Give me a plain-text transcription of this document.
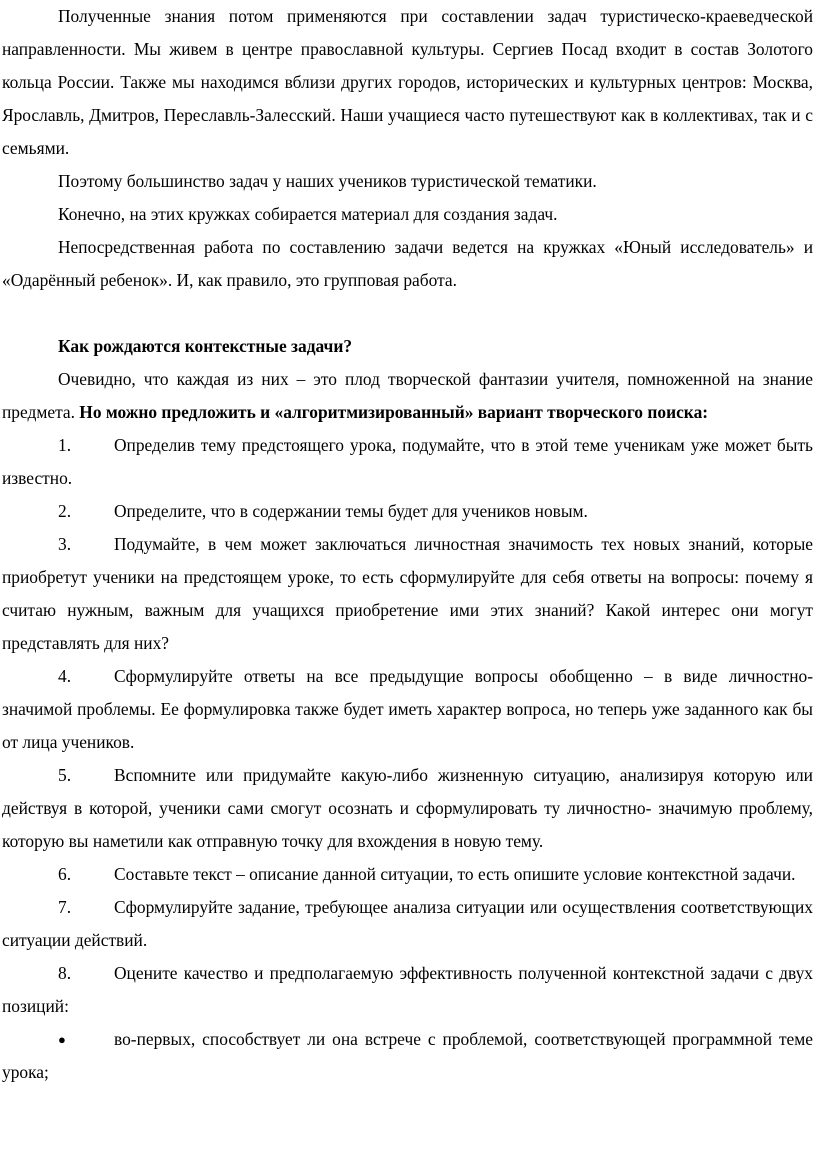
Полученные знания потом применяются при составлении задач туристическо-краеведческой направленности. Мы живем в центре православной культуры. Сергиев Посад входит в состав Золотого кольца России. Также мы находимся вблизи других городов, исторических и культурных центров: Москва, Ярославль, Дмитров, Переславль-Залесский. Наши учащиеся часто путешествуют как в коллективах, так и с семьями.

Поэтому большинство задач у наших учеников туристической тематики.

Конечно, на этих кружках собирается материал для создания задач.

Непосредственная работа по составлению задачи ведется на кружках «Юный исследователь» и «Одарённый ребенок». И, как правило, это групповая работа.

Как рождаются контекстные задачи?

Очевидно, что каждая из них – это плод творческой фантазии учителя, помноженной на знание предмета. Но можно предложить и «алгоритмизированный» вариант творческого поиска:

1. Определив тему предстоящего урока, подумайте, что в этой теме ученикам уже может быть известно.

2. Определите, что в содержании темы будет для учеников новым.

3. Подумайте, в чем может заключаться личностная значимость тех новых знаний, которые приобретут ученики на предстоящем уроке, то есть сформулируйте для себя ответы на вопросы: почему я считаю нужным, важным для учащихся приобретение ими этих знаний? Какой интерес они могут представлять для них?

4. Сформулируйте ответы на все предыдущие вопросы обобщенно – в виде личностно-значимой проблемы. Ее формулировка также будет иметь характер вопроса, но теперь уже заданного как бы от лица учеников.

5. Вспомните или придумайте какую-либо жизненную ситуацию, анализируя которую или действуя в которой, ученики сами смогут осознать и сформулировать ту личностно- значимую проблему, которую вы наметили как отправную точку для вхождения в новую тему.

6. Составьте текст – описание данной ситуации, то есть опишите условие контекстной задачи.

7. Сформулируйте задание, требующее анализа ситуации или осуществления соответствующих ситуации действий.

8. Оцените качество и предполагаемую эффективность полученной контекстной задачи с двух позиций:

●	во-первых, способствует ли она встрече с проблемой, соответствующей программной теме урока;
